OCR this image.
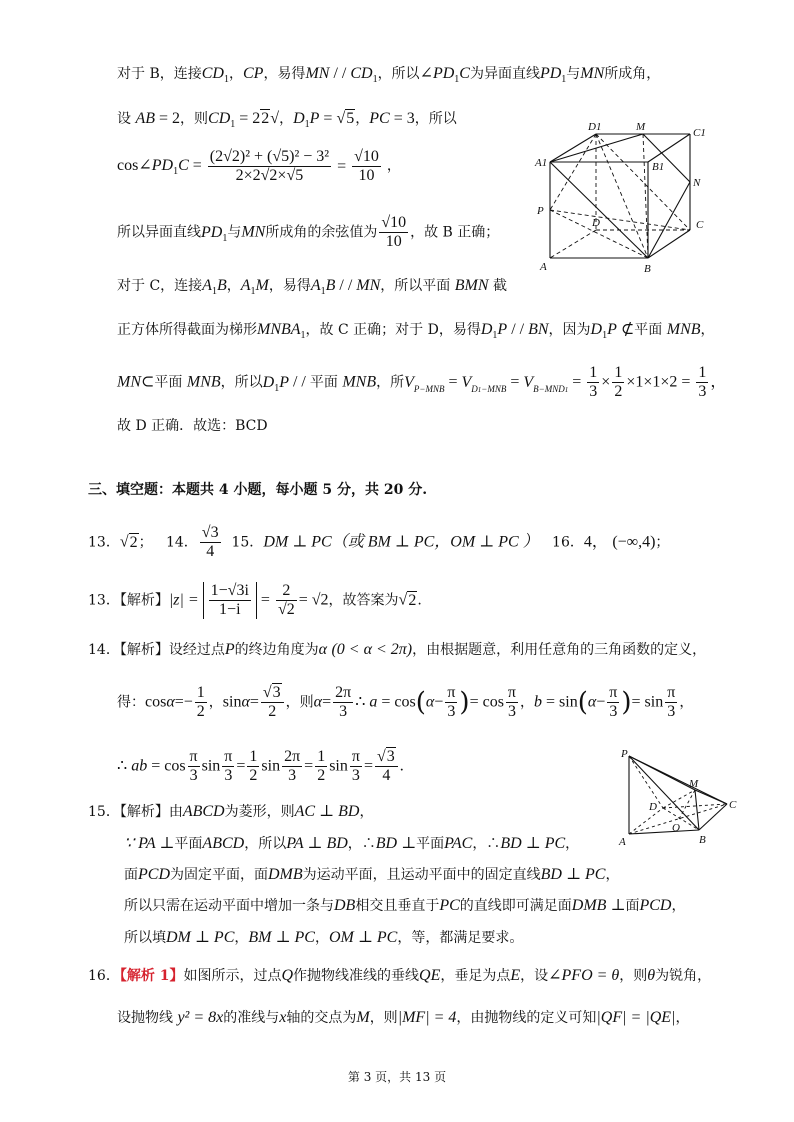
对于 B，连接$CD_1$，CP，易得MN / / $CD_1$，所以$\angle PD_1C$为异面直线$PD_1$与MN所成角，
设 AB = 2，则$CD_1 = 22√$，$D_1P = √5$，PC = 3，所以
$\cos\angle PD_1C = \frac{\text{(2√2)² + (√5)² − 3²}}{2\times 2√2\times√5} = \frac{√10}{10}$ ，
所以异面直线$PD_1$与MN所成角的余弦值为 $\frac{√10}{10}$ ，故 B 正确；
对于 C，连接$A_1B$，$A_1M$，易得$A_1B$ / / MN，所以平面 BMN 截
正方体所得截面为梯形$MNBA_1$，故 C 正确；对于 D，易得$D_1P$ / / BN，因为$D_1P$ ⊄平面 MNB，
MN⊂平面 MNB，所以$D_1P$ / / 平面 MNB，所$V_{P-MNB} = V_{D1-MNB} = V_{B-MND1} = \frac{1}{3} \times \frac{1}{2} \times 1\times 1\times 2 = \frac{1}{3}$ ，
故 D 正确．故选：BCD
三、填空题：本题共 4 小题，每小题 5 分，共 20 分.
13．√2； 14． $\frac{√3}{4} 15$．DM ⊥ PC（或 BM ⊥ PC，OM ⊥ PC ） 16．4， (−∞,4)；
13．【解析】$|z| = \frac{1-√3i}{1-i} = \frac{2}{√2} = √2$，故答案为√2.
14．【解析】设经过点P的终边角度为α (0 < α < 2π)，由根据题意，利用任意角的三角函数的定义，
得：$\cos\alpha=- \frac{1}{2}$ ，$\sin\alpha= \frac{√3}{2}$ ，则$\alpha= \frac{2\pi}{3}$ ∴ $a = \cos(\alpha- \frac{\pi}{3}$ )= $\cos \frac{\pi}{3}$ ，$b = \sin(\alpha- \frac{\pi}{3}$ )= $\sin \frac{\pi}{3}$ ，
∴ ab = $\cos \frac{\pi}{3}$ $\sin \frac{\pi}{3} = \frac{1}{2}$ $\sin \frac{2\pi}{3} = \frac{1}{2}$ $\sin \frac{\pi}{3} = \frac{√3}{4}$ .
15．【解析】由ABCD为菱形，则AC ⊥ BD，
∵ PA ⊥平面ABCD，所以PA ⊥ BD，∴BD ⊥平面PAC，∴BD ⊥ PC，
面PCD为固定平面，面DMB为运动平面，且运动平面中的固定直线BD ⊥ PC，
所以只需在运动平面中增加一条与DB相交且垂直于PC的直线即可满足面DMB ⊥面PCD，
所以填DM ⊥ PC，BM ⊥ PC，OM ⊥ PC，等，都满足要求。
16．【解析 1】如图所示，过点Q作抛物线准线的垂线QE，垂足为点E，设∠PFO = θ，则θ为锐角，
设抛物线 y² = 8x的准线与x轴的交点为M，则|MF| = 4，由抛物线的定义可知|QF| = |QE|，
D1	M	C1
A1	B1
N
P
D	C
A	B
P
M
D	C
O
A	B
第 3 页，共 13 页
